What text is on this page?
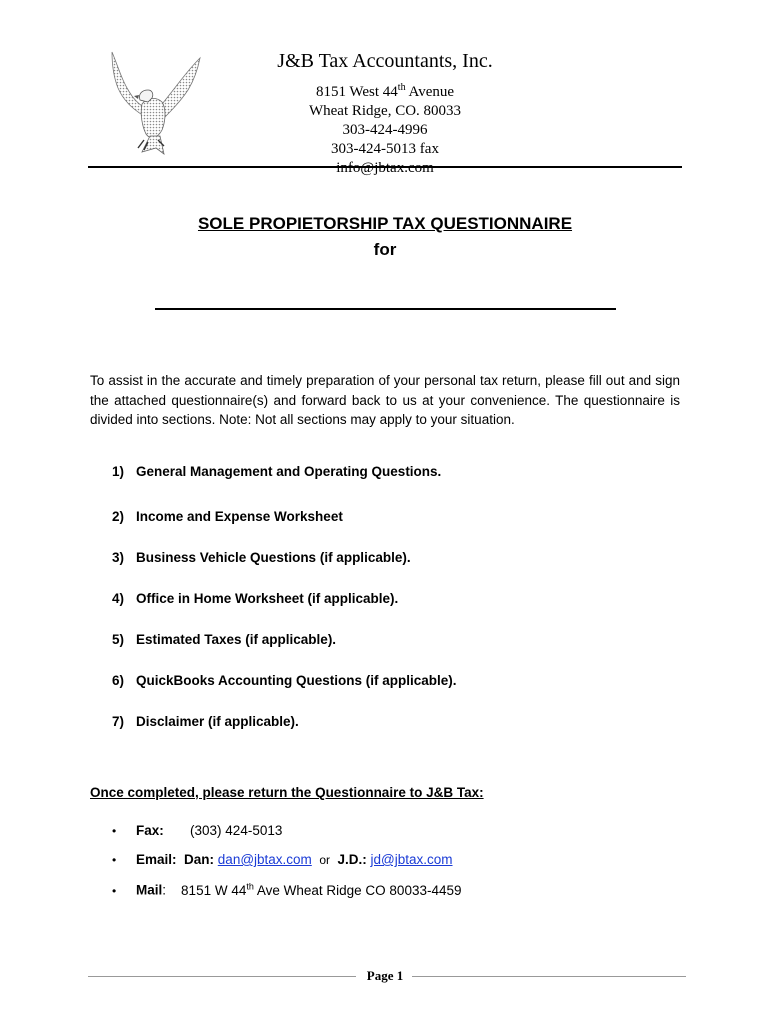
J&B Tax Accountants, Inc.
8151 West 44th Avenue
Wheat Ridge, CO. 80033
303-424-4996
303-424-5013 fax
info@jbtax.com
SOLE PROPIETORSHIP TAX QUESTIONNAIRE
for
To assist in the accurate and timely preparation of your personal tax return, please fill out and sign the attached questionnaire(s) and forward back to us at your convenience. The questionnaire is divided into sections. Note: Not all sections may apply to your situation.
1) General Management and Operating Questions.
2) Income and Expense Worksheet
3) Business Vehicle Questions (if applicable).
4) Office in Home Worksheet (if applicable).
5) Estimated Taxes (if applicable).
6) QuickBooks Accounting Questions (if applicable).
7) Disclaimer (if applicable).
Once completed, please return the Questionnaire to J&B Tax:
• Fax: (303) 424-5013
• Email: Dan: dan@jbtax.com or J.D.: jd@jbtax.com
• Mail: 8151 W 44th Ave Wheat Ridge CO 80033-4459
Page 1
